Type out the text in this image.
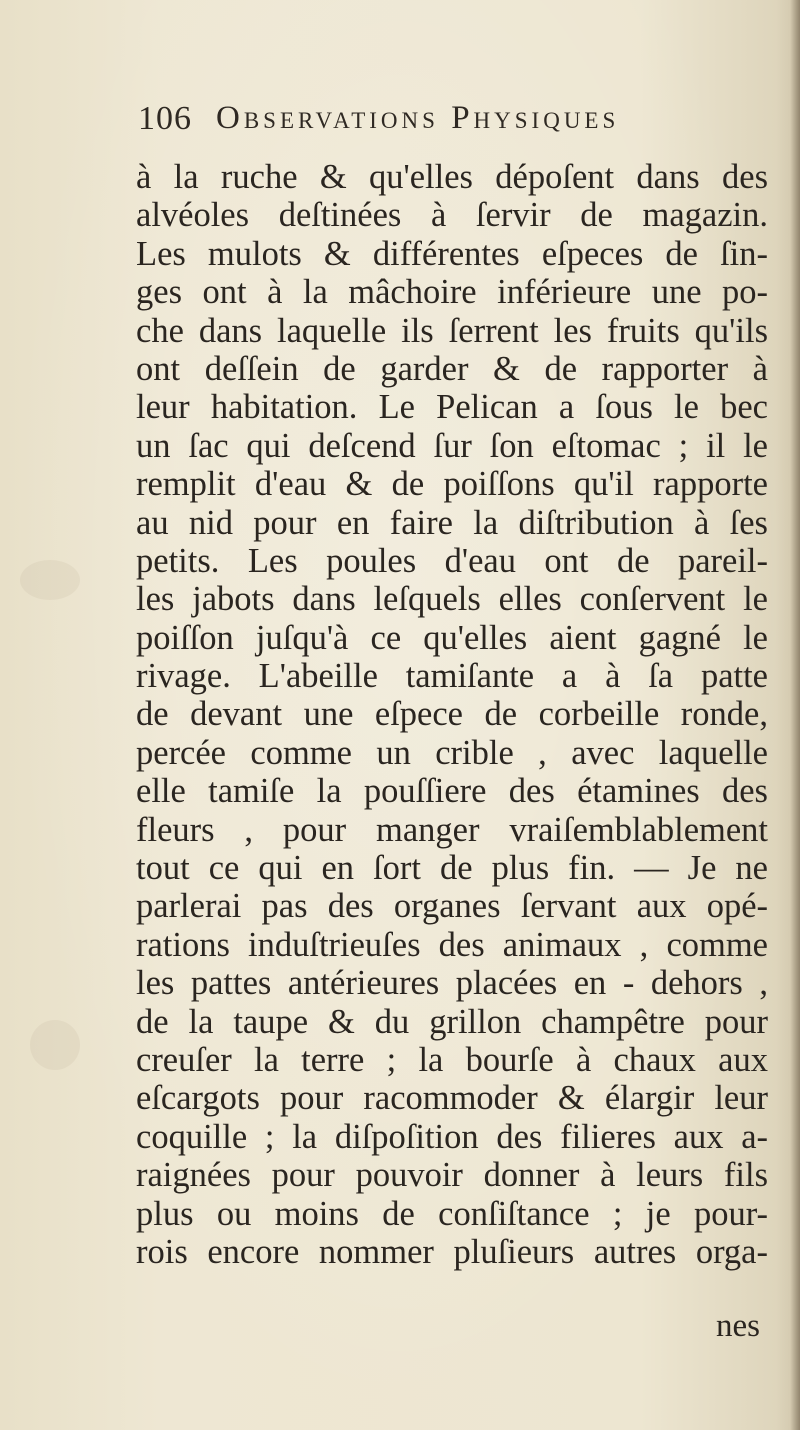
106 Observations Physiques
à la ruche & qu'elles dépoſent dans des
alvéoles deſtinées à ſervir de magazin.
Les mulots & différentes eſpeces de ſin-
ges ont à la mâchoire inférieure une po-
che dans laquelle ils ſerrent les fruits qu'ils
ont deſſein de garder & de rapporter à
leur habitation. Le Pelican a ſous le bec
un ſac qui deſcend ſur ſon eſtomac ; il le
remplit d'eau & de poiſſons qu'il rapporte
au nid pour en faire la diſtribution à ſes
petits. Les poules d'eau ont de pareil-
les jabots dans leſquels elles conſervent le
poiſſon juſqu'à ce qu'elles aient gagné le
rivage. L'abeille tamiſante a à ſa patte
de devant une eſpece de corbeille ronde,
percée comme un crible , avec laquelle
elle tamiſe la pouſſiere des étamines des
fleurs , pour manger vraiſemblablement
tout ce qui en ſort de plus fin. — Je ne
parlerai pas des organes ſervant aux opé-
rations induſtrieuſes des animaux , comme
les pattes antérieures placées en - dehors ,
de la taupe & du grillon champêtre pour
creuſer la terre ; la bourſe à chaux aux
eſcargots pour racommoder & élargir leur
coquille ; la diſpoſition des filieres aux a-
raignées pour pouvoir donner à leurs fils
plus ou moins de conſiſtance ; je pour-
rois encore nommer pluſieurs autres orga-
nes
